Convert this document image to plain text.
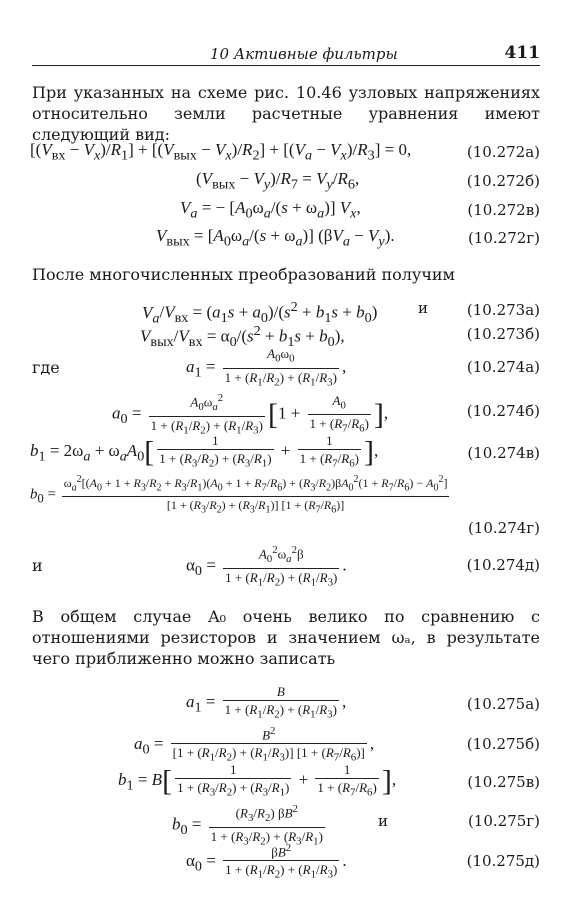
10 Активные фильтры	411
При указанных на схеме рис. 10.46 узловых напряжениях относительно земли расчетные уравнения имеют следующий вид:
$[(V_{вх} - V_x)/R_1] + [(V_{вых} - V_x)/R_2] + [(V_a - V_x)/R_3] = 0$,	(10.272а)
$(V_{вых} - V_y)/R_7 = V_y/R_6$,	(10.272б)
$V_a$ = − $[A_0\omega_a/(s + \omega_a)]$ $V_x$,	(10.272в)
$V_{вых} = [A_0\omega_a/(s + \omega_a)] (\beta V_a - V_y)$.	(10.272г)
После многочисленных преобразований получим
$V_a/V_{вх} = (a_1s + a_0)/(s^2 + b_1s + b_0)$	и	(10.273а)
$V_{вых}/V_{вх} = \alpha_0/(s^2 + b_1s + b_0)$,	(10.273б)
где	$a_1 = \frac{A_0\omega_0}{1 + (R_1/R_2) + (R_1/R_3)}$ ,	(10.274а)
$a_0 = \frac{A_0\omega_a^2}{1 + (R_1/R_2) + (R_1/R_3)} [1 + \frac{A_0}{1 + (R_7/R_6)}$ ],	(10.274б)
$b_1 = 2\omega_a + \omega_aA_0[ \frac{1}{1 + (R_3/R_2) + (R_3/R_1)} + \frac{1}{1 + (R_7/R_6)}$ ],	(10.274в)
$b_0$ =
$\omega_a^2[(A_0 + 1 + R_3/R_2 + R_3/R_1)(A_0 + 1 + R_7/R_6) + (R_3/R_2)\beta A_0^2(1 + R_7/R_6) - A_0^2]$
$[1 + (R_3/R_2) + (R_3/R_1)]$ $[1 + (R_7/R_6)]$
(10.274г)
и	$\alpha_0 = \frac{A_0^2\omega_a^2\beta}{1 + (R_1/R_2) + (R_1/R_3)}$ .	(10.274д)
В общем случае A₀ очень велико по сравнению с отношениями резисторов и значением ωₐ, в результате чего приближенно можно записать
$a_1 = \frac{B}{1 + (R_1/R_2) + (R_1/R_3)}$ ,	(10.275а)
$a_0 = \frac{B^2}{[1 + (R_1/R_2) + (R_1/R_3)] [1 + (R_7/R_6)]}$ ,	(10.275б)
$b_1 = B[ \frac{1}{1 + (R_3/R_2) + (R_3/R_1)} + \frac{1}{1 + (R_7/R_6)}$ ],	(10.275в)
$b_0 = \frac{(R_3/R_2) \beta B^2}{1 + (R_3/R_2) + (R_3/R_1)}$	и	(10.275г)
$\alpha_0 = \frac{\beta B^2}{1 + (R_1/R_2) + (R_1/R_3)}$ .	(10.275д)
